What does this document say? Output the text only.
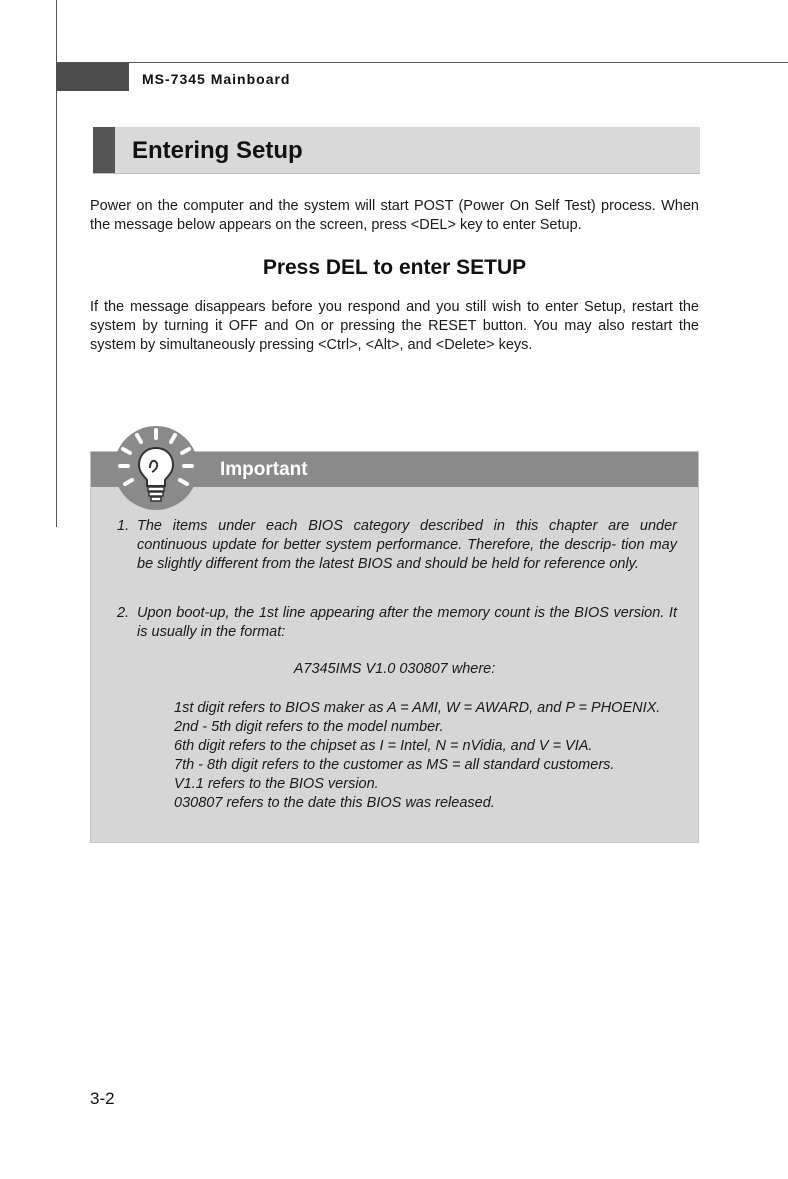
MS-7345 Mainboard
Entering Setup
Power on the computer and the system will start POST (Power On Self Test) process. When the message below appears on the screen, press <DEL> key to enter Setup.
Press DEL to enter SETUP
If the message disappears before you respond and you still wish to enter Setup, restart the system by turning it OFF and On or pressing the RESET button. You may also restart the system by simultaneously pressing <Ctrl>, <Alt>, and <Delete> keys.
Important
1. The items under each BIOS category described in this chapter are under continuous update for better system performance. Therefore, the descrip- tion may be slightly different from the latest BIOS and should be held for reference only.
2. Upon boot-up, the 1st line appearing after the memory count is the BIOS version. It is usually in the format:
A7345IMS V1.0 030807 where:
1st digit refers to BIOS maker as A = AMI, W = AWARD, and P = PHOENIX.
2nd - 5th digit refers to the model number.
6th digit refers to the chipset as I = Intel, N = nVidia, and V = VIA.
7th - 8th digit refers to the customer as MS = all standard customers.
V1.1 refers to the BIOS version.
030807 refers to the date this BIOS was released.
3-2
